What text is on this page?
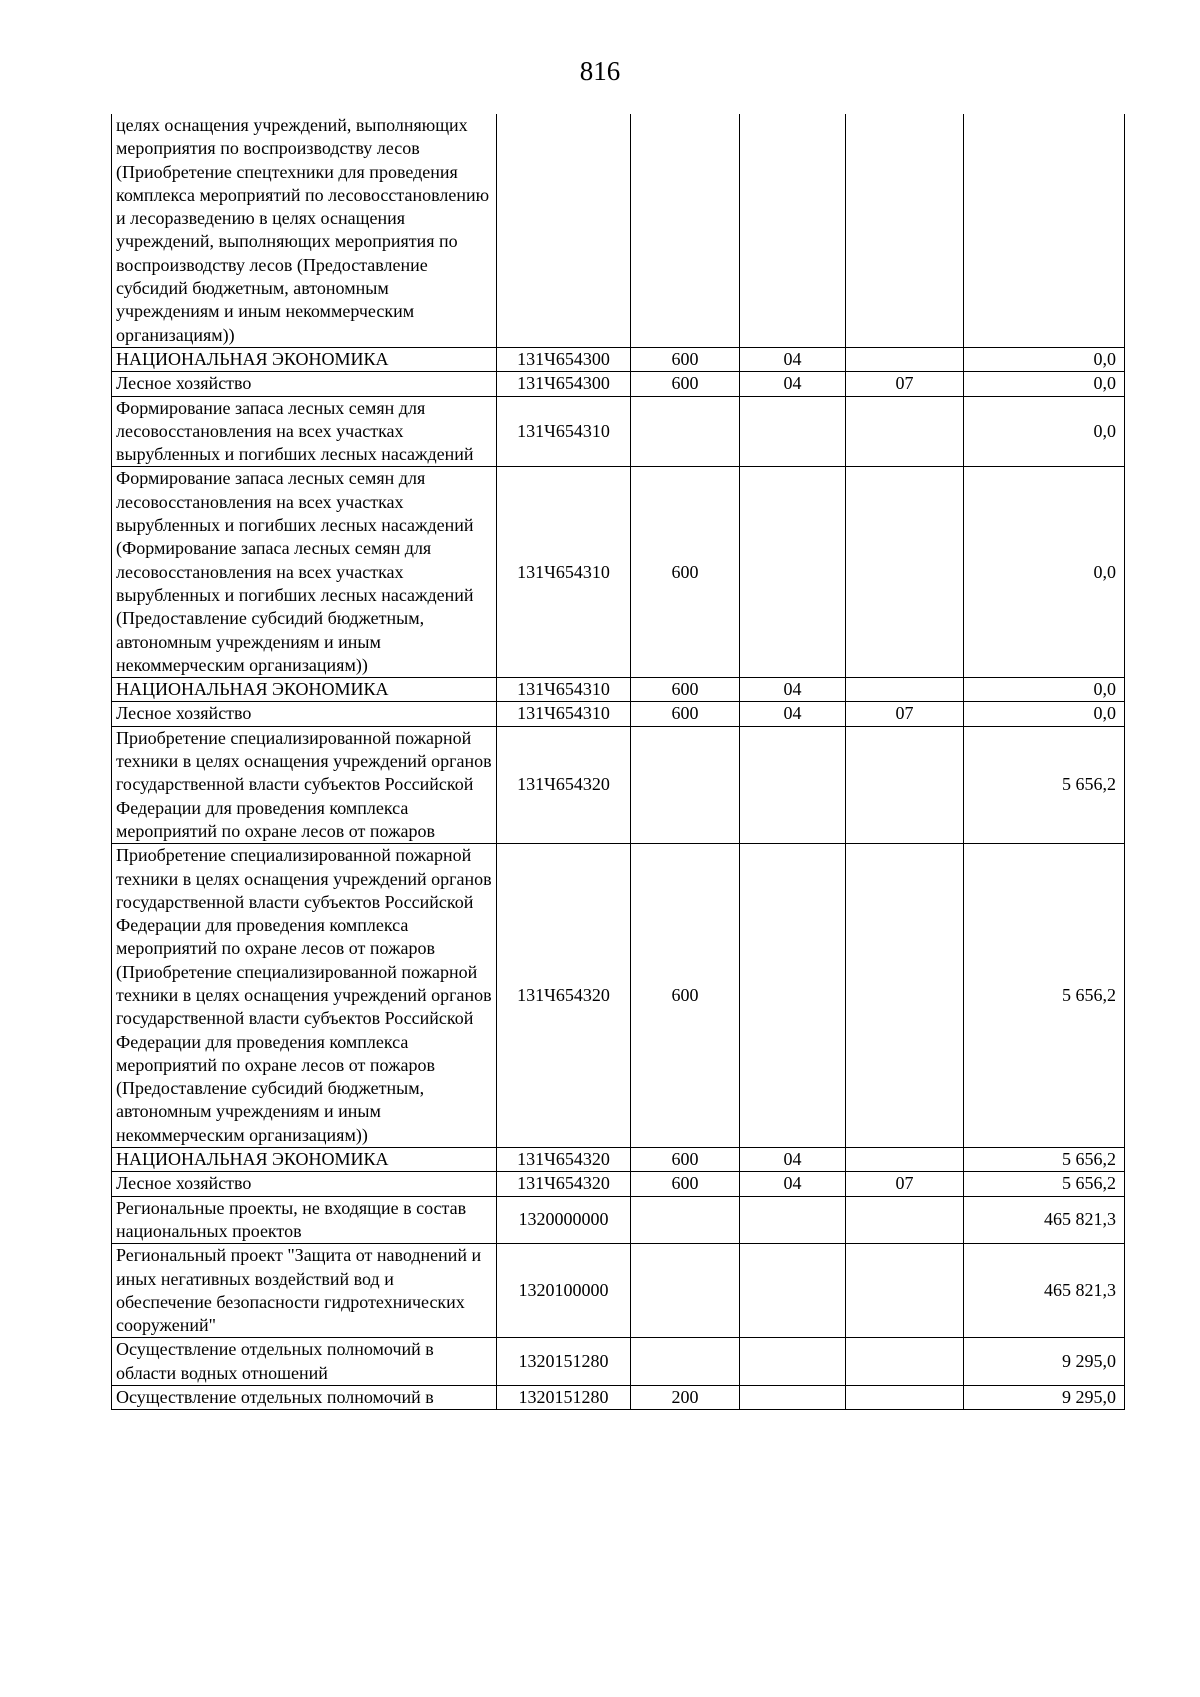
816
целях оснащения учреждений, выполняющих мероприятия по воспроизводству лесов (Приобретение спецтехники для проведения комплекса мероприятий по лесовосстановлению и лесоразведению в целях оснащения учреждений, выполняющих мероприятия по воспроизводству лесов (Предоставление субсидий бюджетным, автономным учреждениям и иным некоммерческим организациям))					
НАЦИОНАЛЬНАЯ ЭКОНОМИКА	131Ч654300	600	04		0,0
Лесное хозяйство	131Ч654300	600	04	07	0,0
Формирование запаса лесных семян для лесовосстановления на всех участках вырубленных и погибших лесных насаждений	131Ч654310				0,0
Формирование запаса лесных семян для лесовосстановления на всех участках вырубленных и погибших лесных насаждений (Формирование запаса лесных семян для лесовосстановления на всех участках вырубленных и погибших лесных насаждений (Предоставление субсидий бюджетным, автономным учреждениям и иным некоммерческим организациям))	131Ч654310	600			0,0
НАЦИОНАЛЬНАЯ ЭКОНОМИКА	131Ч654310	600	04		0,0
Лесное хозяйство	131Ч654310	600	04	07	0,0
Приобретение специализированной пожарной техники в целях оснащения учреждений органов государственной власти субъектов Российской Федерации для проведения комплекса мероприятий по охране лесов от пожаров	131Ч654320				5 656,2
Приобретение специализированной пожарной техники в целях оснащения учреждений органов государственной власти субъектов Российской Федерации для проведения комплекса мероприятий по охране лесов от пожаров (Приобретение специализированной пожарной техники в целях оснащения учреждений органов государственной власти субъектов Российской Федерации для проведения комплекса мероприятий по охране лесов от пожаров (Предоставление субсидий бюджетным, автономным учреждениям и иным некоммерческим организациям))	131Ч654320	600			5 656,2
НАЦИОНАЛЬНАЯ ЭКОНОМИКА	131Ч654320	600	04		5 656,2
Лесное хозяйство	131Ч654320	600	04	07	5 656,2
Региональные проекты, не входящие в состав национальных проектов	1320000000				465 821,3
Региональный проект "Защита от наводнений и иных негативных воздействий вод и обеспечение безопасности гидротехнических сооружений"	1320100000				465 821,3
Осуществление отдельных полномочий в области водных отношений	1320151280				9 295,0
Осуществление отдельных полномочий в	1320151280	200			9 295,0
